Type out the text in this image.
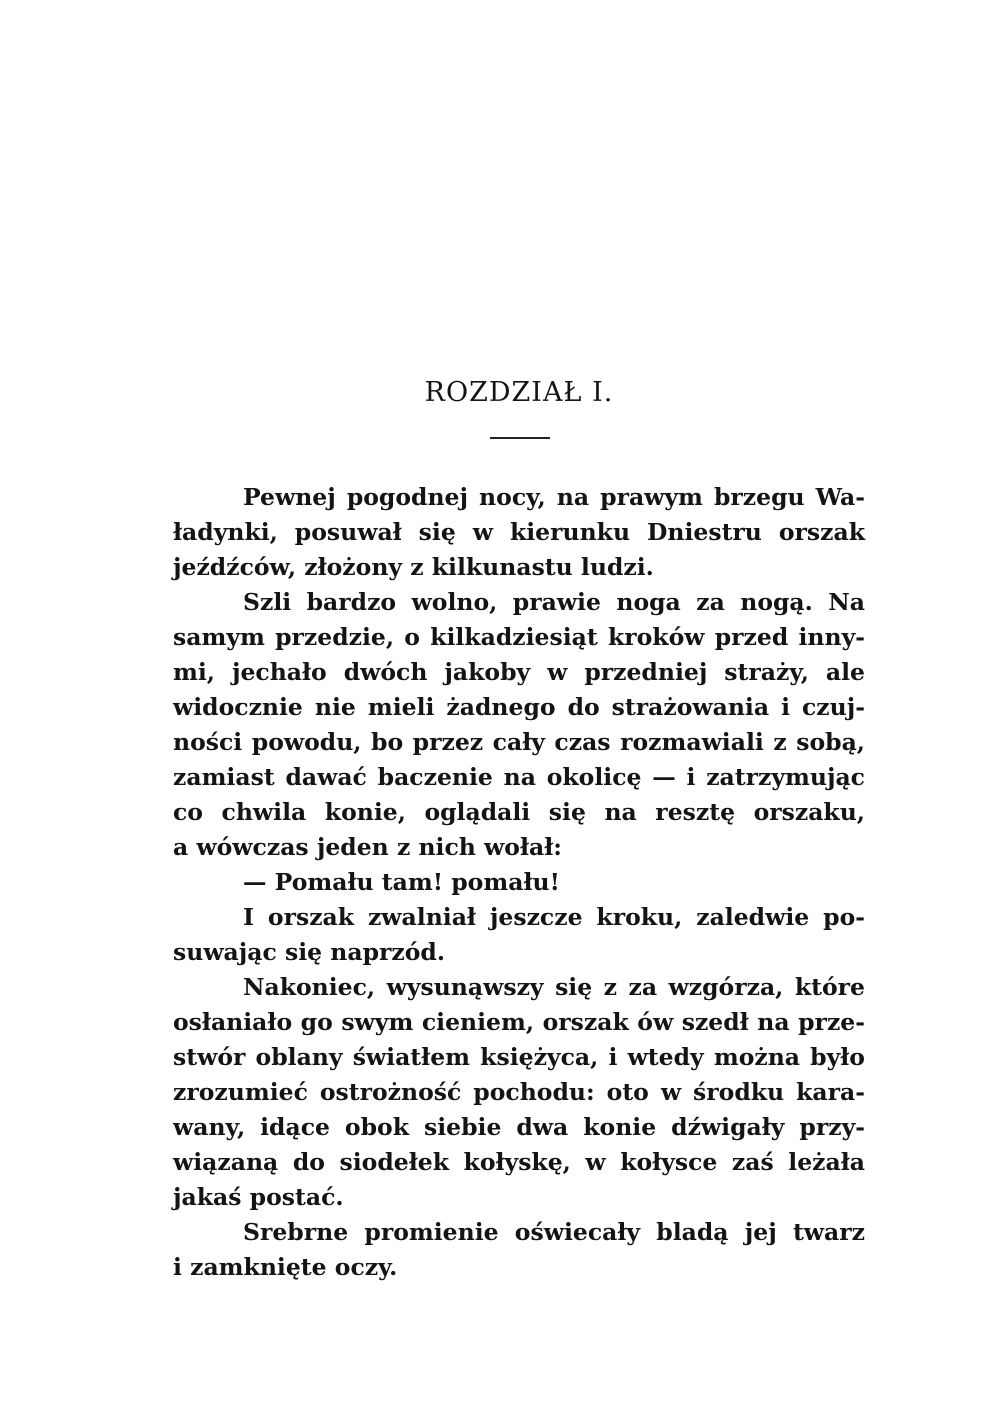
ROZDZIAŁ I.
Pewnej pogodnej nocy, na prawym brzegu Wa-
ładynki, posuwał się w kierunku Dniestru orszak
jeźdźców, złożony z kilkunastu ludzi.
Szli bardzo wolno, prawie noga za nogą. Na
samym przedzie, o kilkadziesiąt kroków przed inny-
mi, jechało dwóch jakoby w przedniej straży, ale
widocznie nie mieli żadnego do strażowania i czuj-
ności powodu, bo przez cały czas rozmawiali z sobą,
zamiast dawać baczenie na okolicę — i zatrzymując
co chwila konie, oglądali się na resztę orszaku,
a wówczas jeden z nich wołał:
— Pomału tam! pomału!
I orszak zwalniał jeszcze kroku, zaledwie po-
suwając się naprzód.
Nakoniec, wysunąwszy się z za wzgórza, które
osłaniało go swym cieniem, orszak ów szedł na prze-
stwór oblany światłem księżyca, i wtedy można było
zrozumieć ostrożność pochodu: oto w środku kara-
wany, idące obok siebie dwa konie dźwigały przy-
wiązaną do siodełek kołyskę, w kołysce zaś leżała
jakaś postać.
Srebrne promienie oświecały bladą jej twarz
i zamknięte oczy.
